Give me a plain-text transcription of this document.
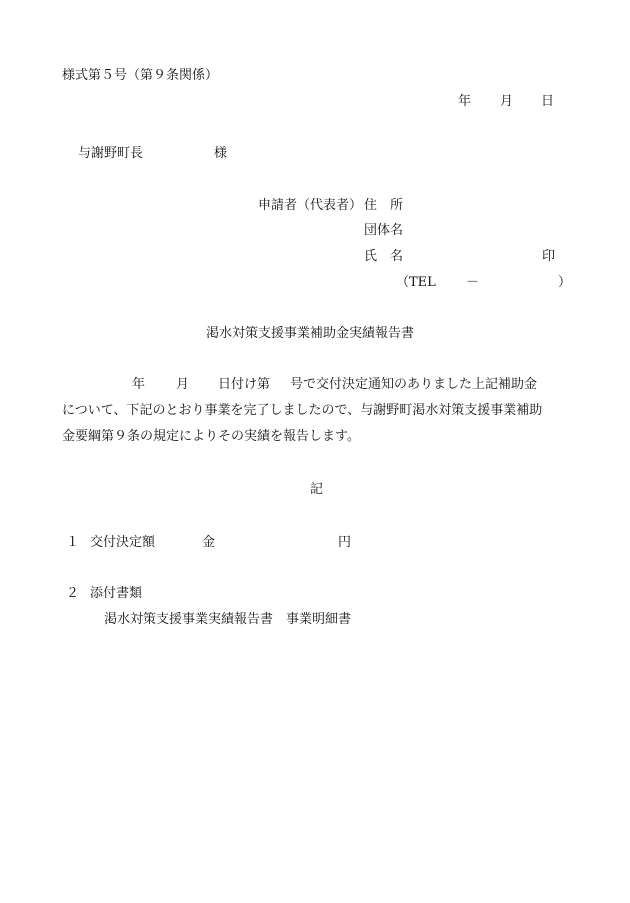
様式第５号（第９条関係）
年 月 日
与謝野町長	様
申請者（代表者） 住　所
団体名
氏　名	印
（TEL －	）
渇水対策支援事業補助金実績報告書
年 月 日付け第 号で交付決定通知のありました上記補助金
について、下記のとおり事業を完了しましたので、与謝野町渇水対策支援事業補助
金要綱第９条の規定によりその実績を報告します。
記
１ 交付決定額	金	円
２ 添付書類
渇水対策支援事業実績報告書　事業明細書
